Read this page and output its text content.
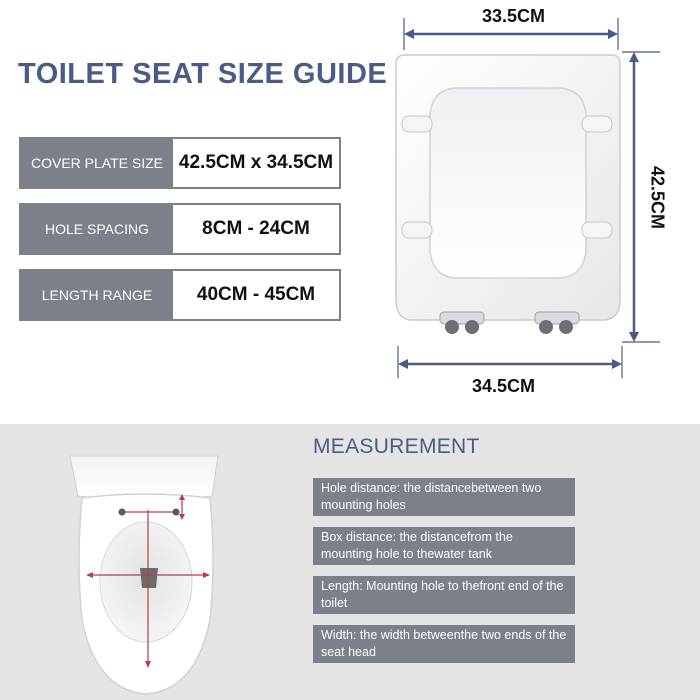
TOILET SEAT SIZE GUIDE
COVER PLATE SIZE 42.5CM x 34.5CM
HOLE SPACING	8CM - 24CM
LENGTH RANGE	40CM - 45CM
33.5CM
42.5CM
34.5CM
MEASUREMENT
Hole distance: the distancebetween two mounting holes
Box distance: the distancefrom the mounting hole to thewater tank
Length: Mounting hole to thefront end of the toilet
Width: the width betweenthe two ends of the seat head
